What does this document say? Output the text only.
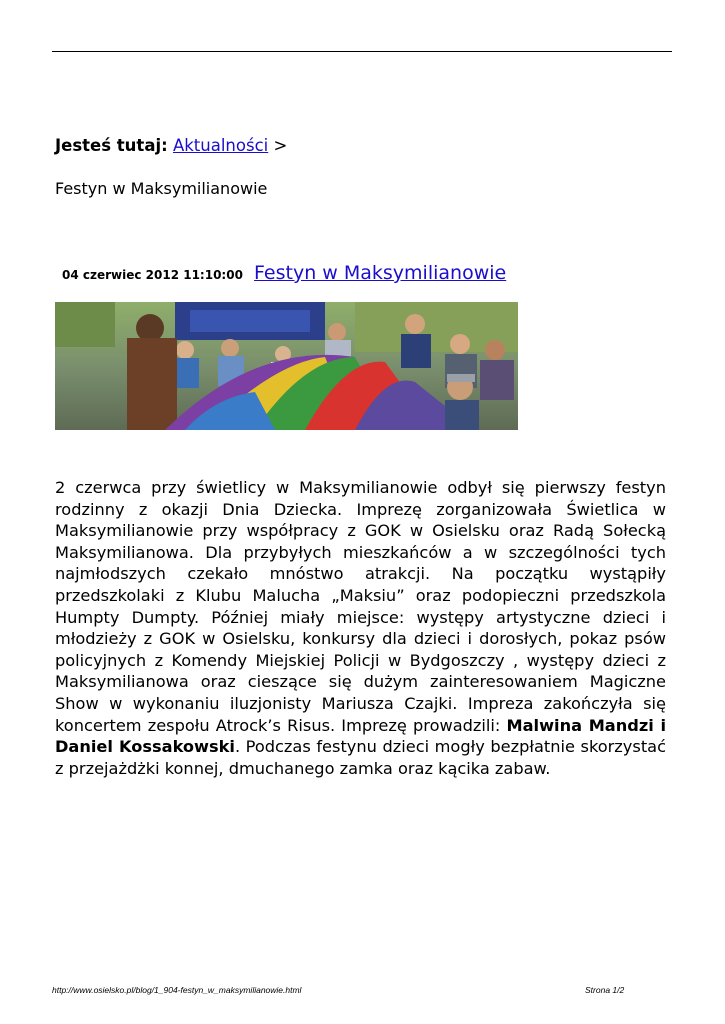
Jesteś tutaj: Aktualności >
Festyn w Maksymilianowie
04 czerwiec 2012 11:10:00 Festyn w Maksymilianowie
2 czerwca przy świetlicy w Maksymilianowie odbył się pierwszy festyn rodzinny z okazji Dnia Dziecka. Imprezę zorganizowała Świetlica w Maksymilianowie przy współpracy z GOK w Osielsku oraz Radą Sołecką Maksymilianowa. Dla przybyłych mieszkańców a w szczególności tych najmłodszych czekało mnóstwo atrakcji. Na początku wystąpiły przedszkolaki z Klubu Malucha „Maksiu” oraz podopieczni przedszkola Humpty Dumpty. Później miały miejsce: występy artystyczne dzieci i młodzieży z GOK w Osielsku, konkursy dla dzieci i dorosłych, pokaz psów policyjnych z Komendy Miejskiej Policji w Bydgoszczy , występy dzieci z Maksymilianowa oraz cieszące się dużym zainteresowaniem Magiczne Show w wykonaniu iluzjonisty Mariusza Czajki. Impreza zakończyła się koncertem zespołu Atrock’s Risus. Imprezę prowadzili: Malwina Mandzi i Daniel Kossakowski. Podczas festynu dzieci mogły bezpłatnie skorzystać z przejażdżki konnej, dmuchanego zamka oraz kącika zabaw.
http://www.osielsko.pl/blog/1_904-festyn_w_maksymilianowie.html	Strona 1/2
